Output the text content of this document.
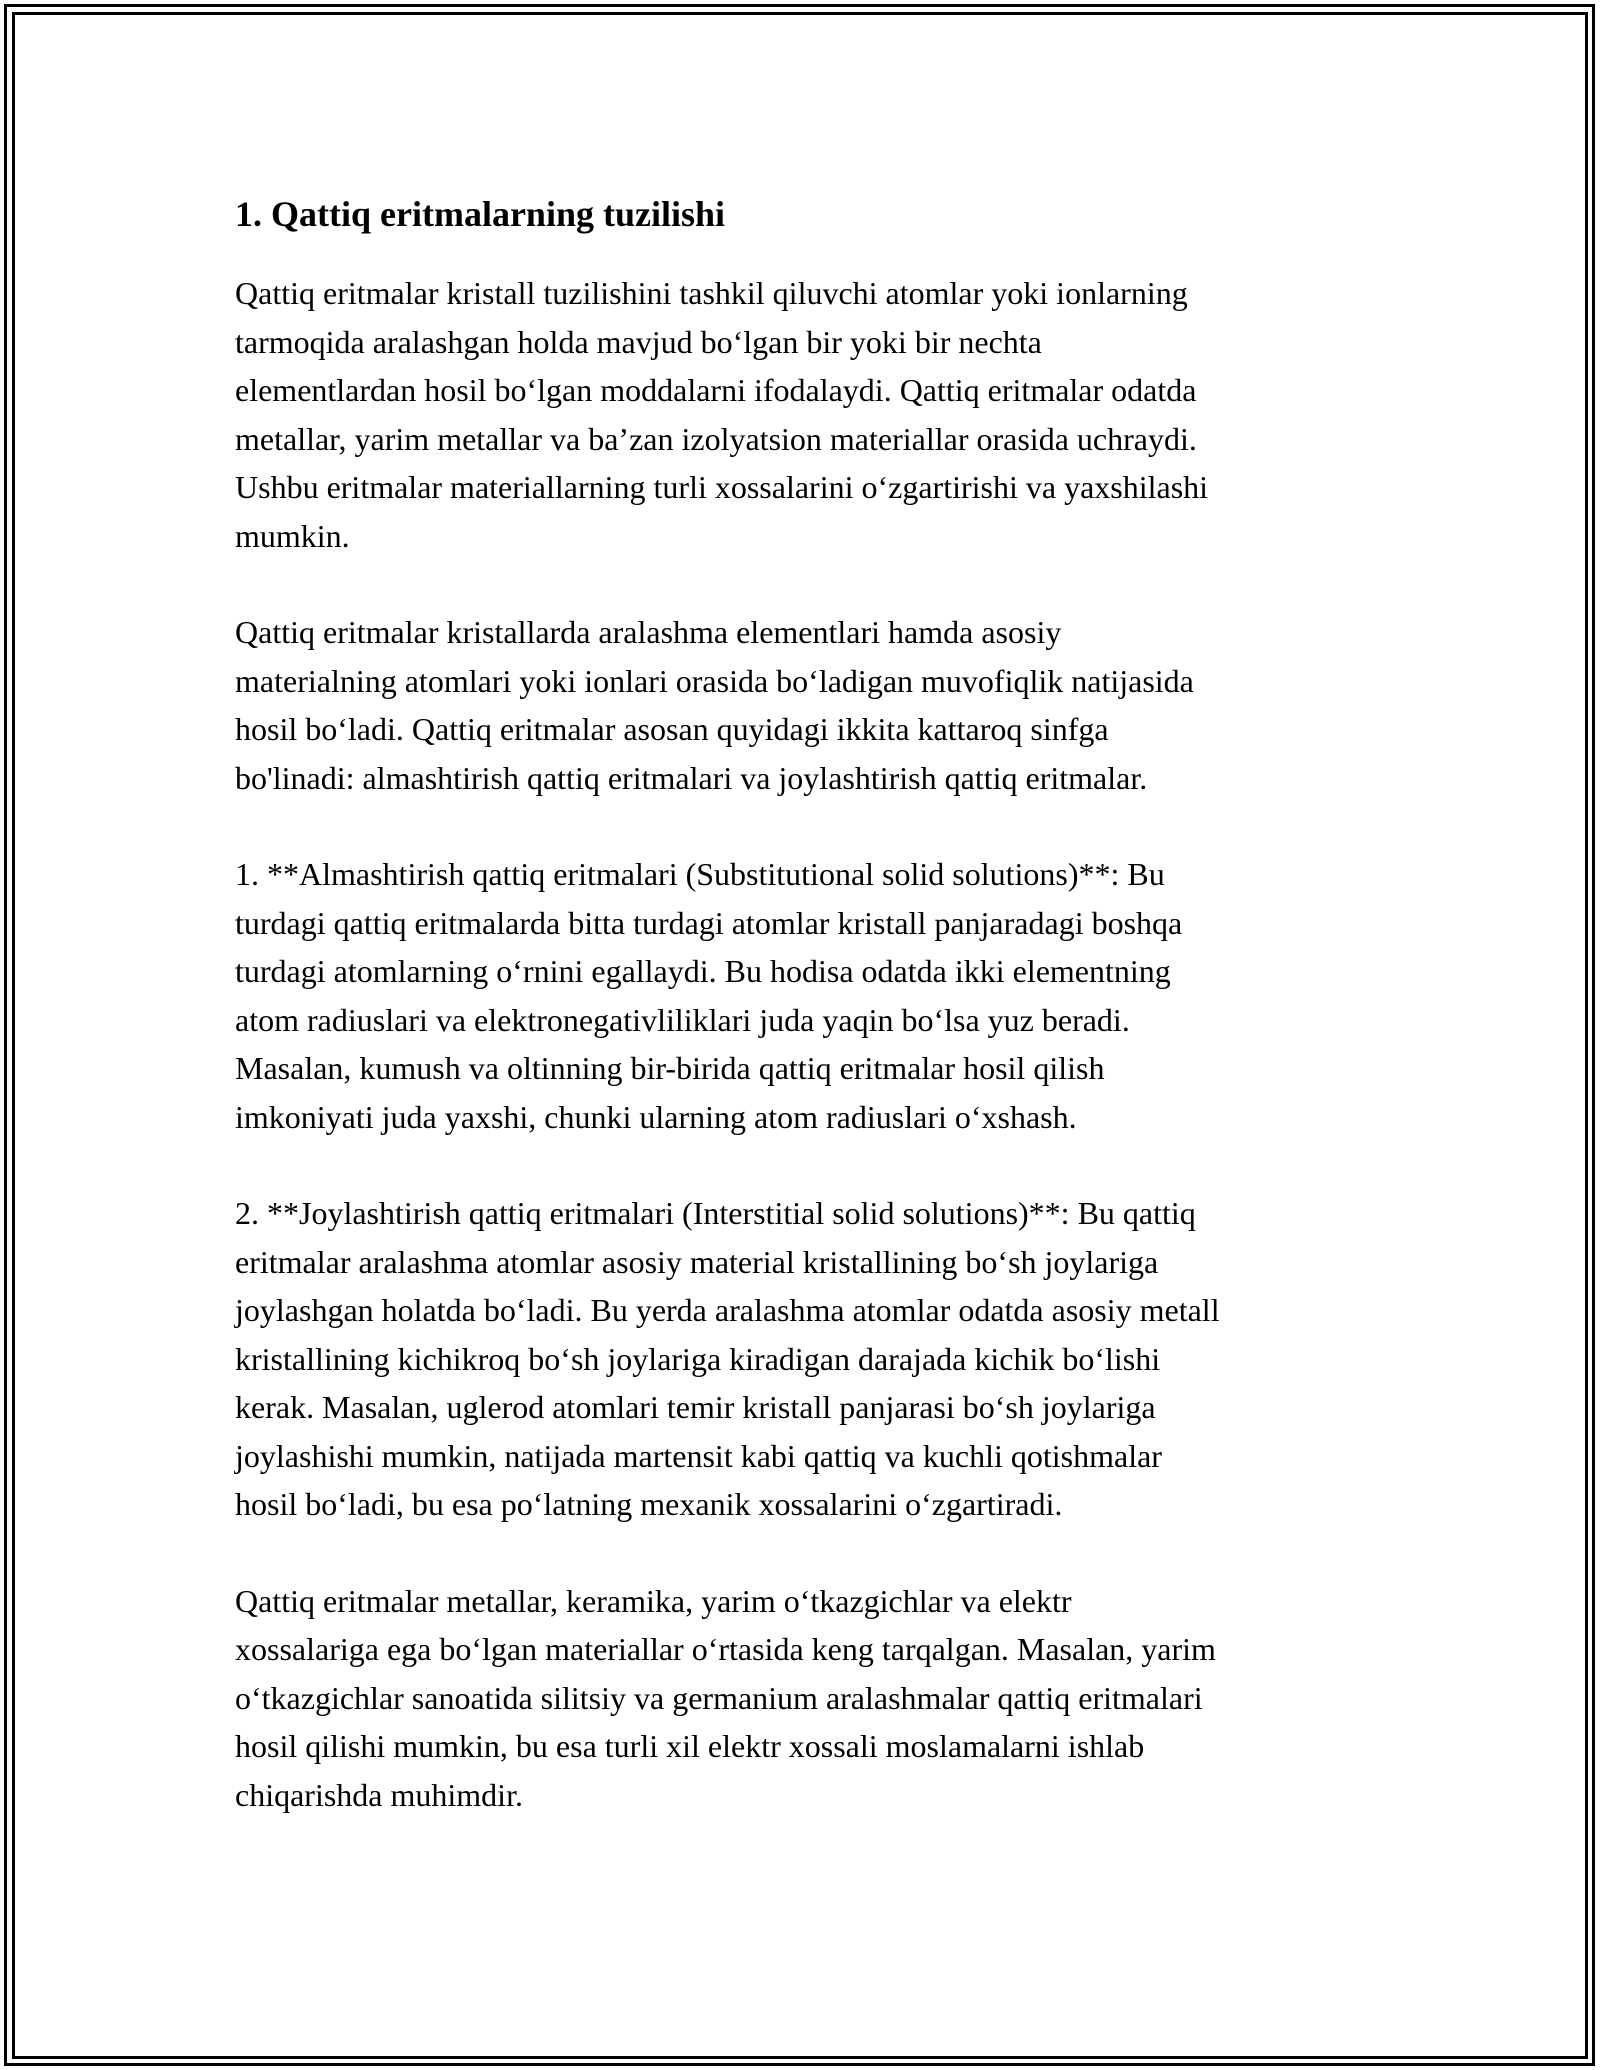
1. Qattiq eritmalarning tuzilishi

Qattiq eritmalar kristall tuzilishini tashkil qiluvchi atomlar yoki ionlarning
tarmoqida aralashgan holda mavjud bo‘lgan bir yoki bir nechta
elementlardan hosil bo‘lgan moddalarni ifodalaydi. Qattiq eritmalar odatda
metallar, yarim metallar va ba’zan izolyatsion materiallar orasida uchraydi.
Ushbu eritmalar materiallarning turli xossalarini o‘zgartirishi va yaxshilashi
mumkin.

Qattiq eritmalar kristallarda aralashma elementlari hamda asosiy
materialning atomlari yoki ionlari orasida bo‘ladigan muvofiqlik natijasida
hosil bo‘ladi. Qattiq eritmalar asosan quyidagi ikkita kattaroq sinfga
bo'linadi: almashtirish qattiq eritmalari va joylashtirish qattiq eritmalar.

1. **Almashtirish qattiq eritmalari (Substitutional solid solutions)**: Bu
turdagi qattiq eritmalarda bitta turdagi atomlar kristall panjaradagi boshqa
turdagi atomlarning o‘rnini egallaydi. Bu hodisa odatda ikki elementning
atom radiuslari va elektronegativliliklari juda yaqin bo‘lsa yuz beradi.
Masalan, kumush va oltinning bir-birida qattiq eritmalar hosil qilish
imkoniyati juda yaxshi, chunki ularning atom radiuslari o‘xshash.

2. **Joylashtirish qattiq eritmalari (Interstitial solid solutions)**: Bu qattiq
eritmalar aralashma atomlar asosiy material kristallining bo‘sh joylariga
joylashgan holatda bo‘ladi. Bu yerda aralashma atomlar odatda asosiy metall
kristallining kichikroq bo‘sh joylariga kiradigan darajada kichik bo‘lishi
kerak. Masalan, uglerod atomlari temir kristall panjarasi bo‘sh joylariga
joylashishi mumkin, natijada martensit kabi qattiq va kuchli qotishmalar
hosil bo‘ladi, bu esa po‘latning mexanik xossalarini o‘zgartiradi.

Qattiq eritmalar metallar, keramika, yarim o‘tkazgichlar va elektr
xossalariga ega bo‘lgan materiallar o‘rtasida keng tarqalgan. Masalan, yarim
o‘tkazgichlar sanoatida silitsiy va germanium aralashmalar qattiq eritmalari
hosil qilishi mumkin, bu esa turli xil elektr xossali moslamalarni ishlab
chiqarishda muhimdir.
